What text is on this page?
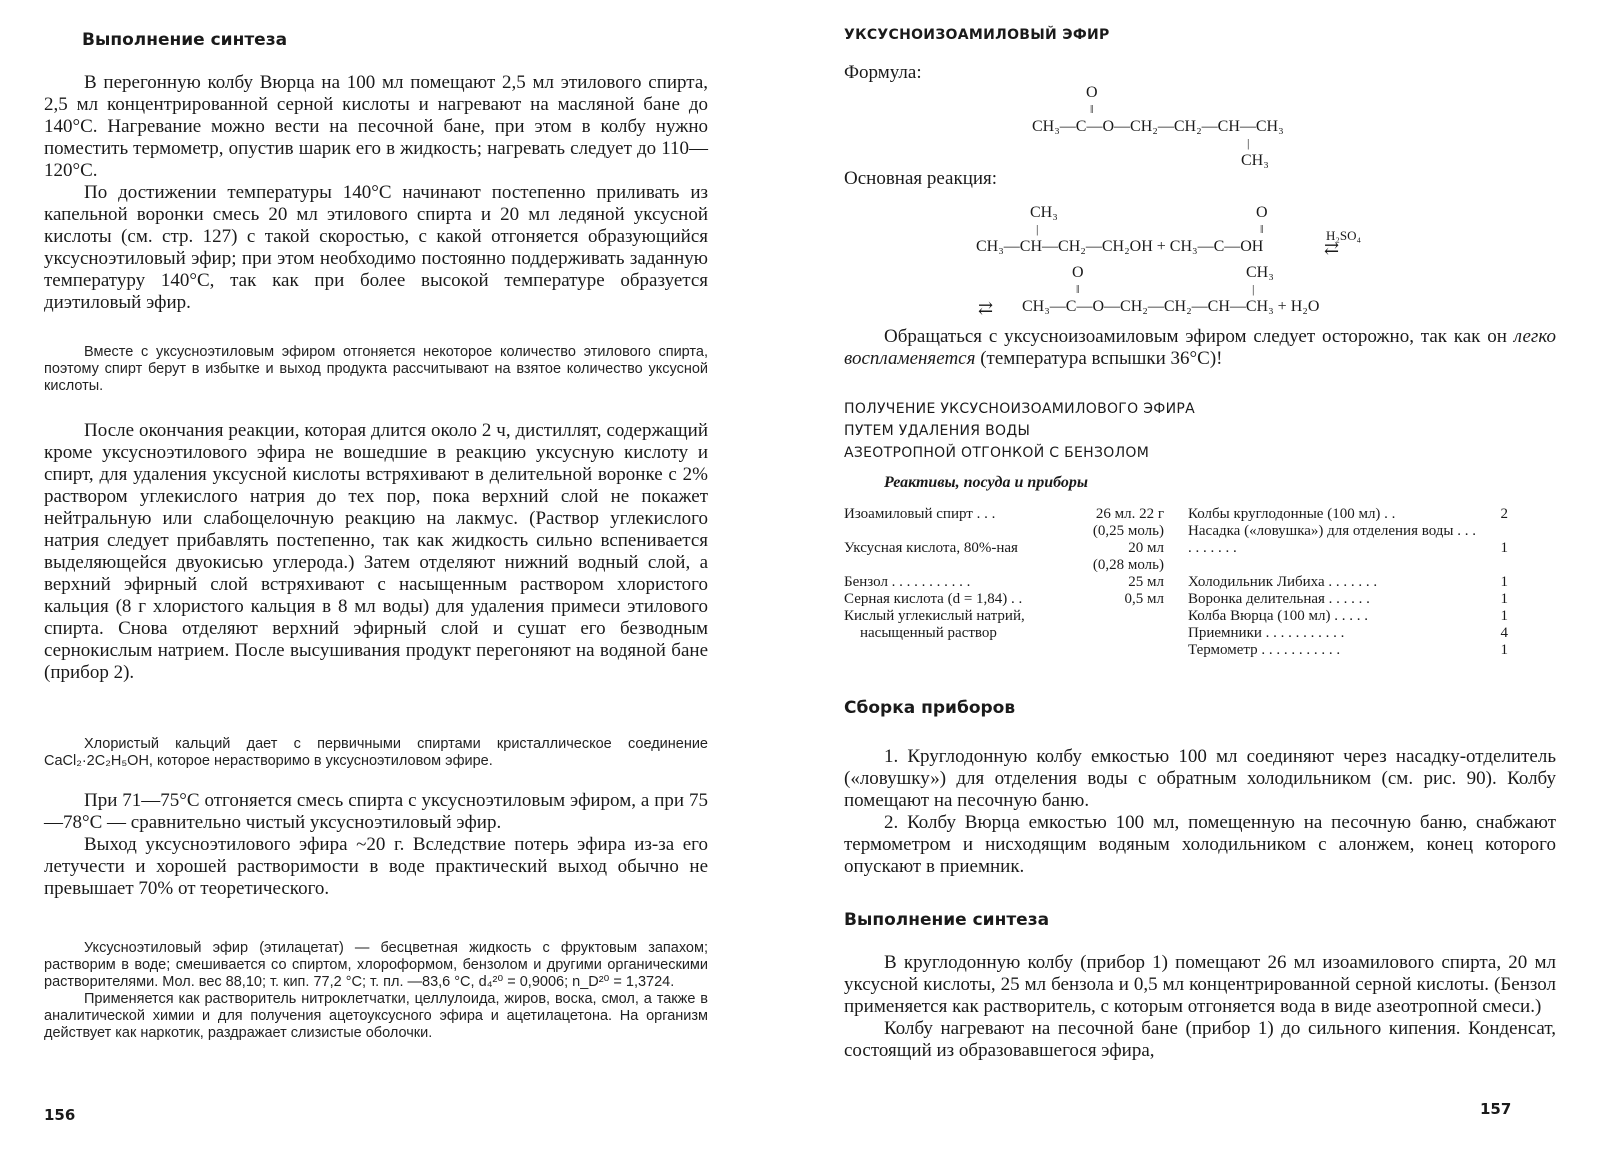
Выполнение синтеза

В перегонную колбу Вюрца на 100 мл помещают 2,5 мл этилового спирта, 2,5 мл концентрированной серной кислоты и нагревают на масляной бане до 140°С. Нагревание можно вести на песочной бане, при этом в колбу нужно поместить термометр, опустив шарик его в жидкость; нагревать следует до 110—120°С.

По достижении температуры 140°С начинают постепенно приливать из капельной воронки смесь 20 мл этилового спирта и 20 мл ледяной уксусной кислоты (см. стр. 127) с такой скоростью, с какой отгоняется образующийся уксусноэтиловый эфир; при этом необходимо постоянно поддерживать заданную температуру 140°С, так как при более высокой температуре образуется диэтиловый эфир.

Вместе с уксусноэтиловым эфиром отгоняется некоторое количество этилового спирта, поэтому спирт берут в избытке и выход продукта рассчитывают на взятое количество уксусной кислоты.

После окончания реакции, которая длится около 2 ч, дистиллят, содержащий кроме уксусноэтилового эфира не вошедшие в реакцию уксусную кислоту и спирт, для удаления уксусной кислоты встряхивают в делительной воронке с 2% раствором углекислого натрия до тех пор, пока верхний слой не покажет нейтральную или слабощелочную реакцию на лакмус. (Раствор углекислого натрия следует прибавлять постепенно, так как жидкость сильно вспенивается выделяющейся двуокисью углерода.) Затем отделяют нижний водный слой, а верхний эфирный слой встряхивают с насыщенным раствором хлористого кальция (8 г хлористого кальция в 8 мл воды) для удаления примеси этилового спирта. Снова отделяют верхний эфирный слой и сушат его безводным сернокислым натрием. После высушивания продукт перегоняют на водяной бане (прибор 2).

Хлористый кальций дает с первичными спиртами кристаллическое соединение CaCl₂·2C₂H₅OH, которое нерастворимо в уксусноэтиловом эфире.

При 71—75°С отгоняется смесь спирта с уксусноэтиловым эфиром, а при 75—78°С — сравнительно чистый уксусноэтиловый эфир.

Выход уксусноэтилового эфира ~20 г. Вследствие потерь эфира из-за его летучести и хорошей растворимости в воде практический выход обычно не превышает 70% от теоретического.

Уксусноэтиловый эфир (этилацетат) — бесцветная жидкость с фруктовым запахом; растворим в воде; смешивается со спиртом, хлороформом, бензолом и другими органическими растворителями. Мол. вес 88,10; т. кип. 77,2 °С; т. пл. —83,6 °С, d₄²⁰ = 0,9006; n_D²⁰ = 1,3724.

Применяется как растворитель нитроклетчатки, целлулоида, жиров, воска, смол, а также в аналитической химии и для получения ацетоуксусного эфира и ацетилацетона. На организм действует как наркотик, раздражает слизистые оболочки.

156
УКСУСНОИЗОАМИЛОВЫЙ ЭФИР

Формула:

O
‖
CH₃—C—O—CH₂—CH₂—CH—CH₃
|
CH₃

Основная реакция:

CH₃
|
O
‖
CH₃—CH—CH₂—CH₂OH + CH₃—C—OH
H₂SO₄
⇄
O
‖
CH₃
|
⇄ CH₃—C—O—CH₂—CH₂—CH—CH₃ + H₂O

Обращаться с уксусноизоамиловым эфиром следует осторожно, так как он легко воспламеняется (температура вспышки 36°С)!

ПОЛУЧЕНИЕ УКСУСНОИЗОАМИЛОВОГО ЭФИРА

ПУТЕМ УДАЛЕНИЯ ВОДЫ

АЗЕОТРОПНОЙ ОТГОНКОЙ С БЕНЗОЛОМ

Реактивы, посуда и приборы

Изоамиловый спирт . . .	26 мл. 22 г
(0,25 моль)
Уксусная кислота, 80%-ная	20 мл
(0,28 моль)
Бензол . . . . . . . . . . .	25 мл
Серная кислота (d = 1,84) . .	0,5 мл
Кислый углекислый натрий,
насыщенный раствор
Колбы круглодонные (100 мл) . .	2
Насадка («ловушка») для отделения воды . . . . . . . . . .	1
Холодильник Либиха . . . . . . .	1
Воронка делительная . . . . . .	1
Колба Вюрца (100 мл) . . . . .	1
Приемники . . . . . . . . . . .	4
Термометр . . . . . . . . . . .	1
Сборка приборов

1. Круглодонную колбу емкостью 100 мл соединяют через насадку-отделитель («ловушку») для отделения воды с обратным холодильником (см. рис. 90). Колбу помещают на песочную баню.

2. Колбу Вюрца емкостью 100 мл, помещенную на песочную баню, снабжают термометром и нисходящим водяным холодильником с алонжем, конец которого опускают в приемник.

Выполнение синтеза

В круглодонную колбу (прибор 1) помещают 26 мл изоамилового спирта, 20 мл уксусной кислоты, 25 мл бензола и 0,5 мл концентрированной серной кислоты. (Бензол применяется как растворитель, с которым отгоняется вода в виде азеотропной смеси.)

Колбу нагревают на песочной бане (прибор 1) до сильного кипения. Конденсат, состоящий из образовавшегося эфира,

157
